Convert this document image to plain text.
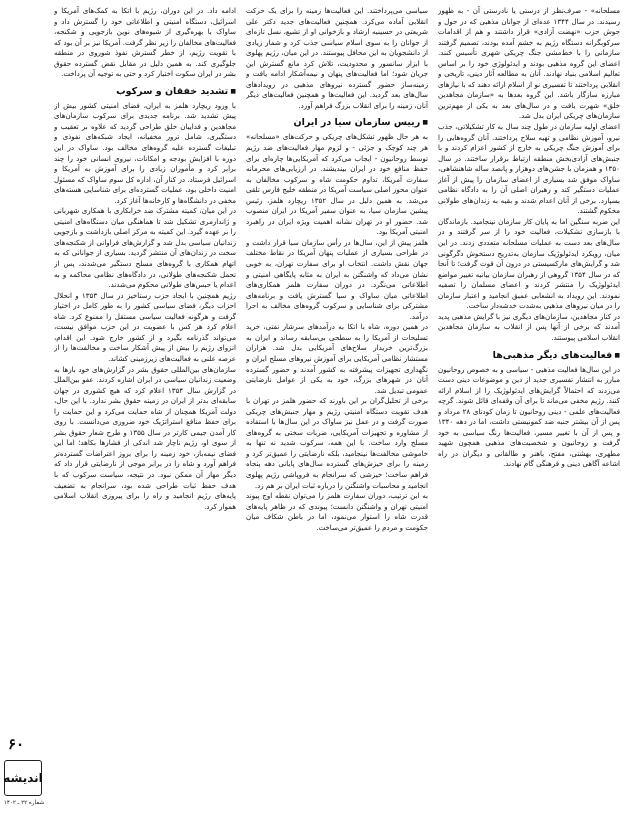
۶۰
اندیشه
شماره ۲۲ ـ ۱۴۰۲

مسلحانه» - صرف‌نظر از درستی یا نادرستی آن - به ظهور رسیدند. در سال ۱۳۴۴ عده‌ای از جوانان مذهبی که در حول و حوش حزب «نهضت آزادی» قرار داشتند و هم از اقدامات سرکوبگرانه دستگاه رژیم به خشم آمده بودند، تصمیم گرفتند سازمانی را با خط‌مشی جنگ چریکی شهری تأسیس کنند. اعضای این گروه مذهبی بودند و ایدئولوژی خود را بر اساس تعالیم اسلامی بنیاد نهادند. آنان به مطالعه آثار دینی، تاریخی و انقلابی پرداختند تا تفسیری نو از اسلام ارائه دهند که با نیازهای مبارزه سازگار باشد. این گروه بعدها به «سازمان مجاهدین خلق» شهرت یافت و در سال‌های بعد به یکی از مهم‌ترین سازمان‌های چریکی ایران بدل شد.

اعضای اولیه سازمان در طول چند سال به کار تشکیلاتی، جذب نیرو، آموزش نظامی و تهیه سلاح پرداختند. آنان گروه‌هایی را برای آموزش جنگ چریکی به خارج از کشور اعزام کردند و با جنبش‌های آزادی‌بخش منطقه ارتباط برقرار ساختند. در سال ۱۳۵۰ و همزمان با جشن‌های دوهزار و پانصد ساله شاهنشاهی، ساواک موفق شد بسیاری از اعضای سازمان را پیش از آغاز عملیات دستگیر کند و رهبران اصلی آن را به دادگاه نظامی بسپارد. برخی از آنان اعدام شدند و بقیه به زندان‌های طولانی محکوم گشتند.

این ضربه سنگین اما به پایان کار سازمان نینجامید. بازماندگان با بازسازی تشکیلات، فعالیت خود را از سر گرفتند و در سال‌های بعد دست به عملیات مسلحانه متعددی زدند. در این میان، رویکرد ایدئولوژیک سازمان به‌تدریج دستخوش دگرگونی شد و گرایش‌های مارکسیستی در درون آن قوت گرفت؛ تا آنجا که در سال ۱۳۵۴ گروهی از رهبران سازمان بیانیه تغییر مواضع ایدئولوژیک را منتشر کردند و اعضای مسلمان را تصفیه نمودند. این رویداد به انشعابی عمیق انجامید و اعتبار سازمان را در میان نیروهای مذهبی به‌شدت خدشه‌دار ساخت.

در کنار مجاهدین، سازمان‌های دیگری نیز با گرایش مذهبی پدید آمدند که برخی از آنها پس از انقلاب به سازمان مجاهدین انقلاب اسلامی پیوستند.

■ فعالیت‌های دیگر مذهبی‌ها

در این سال‌ها فعالیت مذهبی - سیاسی و به خصوص روحانیون مبارز به انتشار تفسیری جدید از دین و موضوعات دینی دست می‌زدند که احتمالاً گرایش‌های ایدئولوژیک را از اسلام ارائه کنند. رژیم مخفی می‌ماند تا برای آن وقفه‌ای قائل شوند. گرچه فعالیت‌های علمی - دینی روحانیون تا زمان کودتای ۲۸ مرداد و پس از آن بیشتر جنبه ضد کمونیستی داشت، اما در دهه ۱۳۴۰ و پس از آن با تغییر مسیر، فعالیت‌ها رنگ سیاسی به خود گرفت و روحانیون و شخصیت‌های مذهبی همچون شهید مطهری، بهشتی، مفتح، باهنر و طالقانی و دیگران در راه اشاعه آگاهی دینی و فرهنگی گام نهادند.

سیاسی می‌پرداختند. این فعالیت‌ها زمینه را برای یک حرکت انقلابی آماده می‌کرد. همچنین فعالیت‌های جدید دکتر علی شریعتی در حسینیه ارشاد و بازخوانی او از تشیع، نسل تازه‌ای از جوانان را به سوی اسلام سیاسی جذب کرد و شمار زیادی از دانشجویان به این محافل پیوستند. در این میان، رژیم پهلوی با ابزار سانسور و محدودیت، تلاش کرد مانع گسترش این جریان شود؛ اما فعالیت‌های پنهان و نیمه‌آشکار ادامه یافت و زمینه‌ساز حضور گسترده نیروهای مذهبی در رویدادهای سال‌های بعد گردید. این فعالیت‌ها و همچنین فعالیت‌های دیگر آنان، زمینه را برای انقلاب بزرگ فراهم آورد.

■ رییس سازمان سیا در ایران

به هر حال ظهور تشکل‌های چریکی و حرکت‌های «مسلحانه» هر چند کوچک و جزئی - و لزوم مهار فعالیت‌های ضد رژیم توسط روحانیون - ایجاب می‌کرد که آمریکایی‌ها چاره‌ای برای حفظ منافع خود در ایران بیندیشند. در ارزیابی‌های محرمانه سفارت آمریکا، تداوم حکومت شاه و سرکوب مخالفان به عنوان محور اصلی سیاست آمریکا در منطقه خلیج فارس تلقی می‌شد. به همین دلیل در سال ۱۳۵۲ ریچارد هلمز، رئیس پیشین سازمان سیا، به عنوان سفیر آمریکا در ایران منصوب شد. حضور او در تهران نشانه اهمیت ویژه ایران در راهبرد امنیتی آمریکا بود.

هلمز پیش از این، سال‌ها در رأس سازمان سیا قرار داشت و در طراحی بسیاری از عملیات پنهان آمریکا در نقاط مختلف جهان نقش داشت. انتخاب او برای سفارت تهران، به خوبی نشان می‌داد که واشنگتن به ایران به مثابه پایگاهی امنیتی و اطلاعاتی می‌نگرد. در دوران سفارت هلمز همکاری‌های اطلاعاتی میان ساواک و سیا گسترش یافت و برنامه‌های مشترکی برای شناسایی و سرکوب گروه‌های مخالف به اجرا درآمد.

در همین دوره، شاه با اتکا به درآمدهای سرشار نفتی، خرید تسلیحات از آمریکا را به سطحی بی‌سابقه رساند و ایران به بزرگ‌ترین خریدار سلاح‌های آمریکایی بدل شد. هزاران مستشار نظامی آمریکایی برای آموزش نیروهای مسلح ایران و نگهداری تجهیزات پیشرفته به کشور آمدند و حضور گسترده آنان در شهرهای بزرگ، خود به یکی از عوامل نارضایتی عمومی تبدیل شد.

برخی از تحلیل‌گران بر این باورند که حضور هلمز در تهران با هدف تقویت دستگاه امنیتی رژیم و مهار جنبش‌های چریکی صورت گرفت و در عمل نیز ساواک در این سال‌ها با استفاده از مشاوره و تجهیزات آمریکایی، ضربات سختی به گروه‌های مسلح وارد ساخت. با این همه، سرکوب شدید نه تنها به خاموشی مخالفت‌ها نینجامید، بلکه نارضایتی را عمیق‌تر کرد و زمینه را برای خیزش‌های گسترده سال‌های پایانی دهه پنجاه فراهم ساخت؛ خیزشی که سرانجام به فروپاشی رژیم پهلوی انجامید و محاسبات واشنگتن را درباره ثبات ایران بر هم زد.

به این ترتیب، دوران سفارت هلمز را می‌توان نقطه اوج پیوند امنیتی تهران و واشنگتن دانست؛ پیوندی که در ظاهر پایه‌های قدرت شاه را استوار می‌نمود، اما در باطن شکاف میان حکومت و مردم را عمیق‌تر می‌ساخت.

ادامه داد. در این دوران، رژیم با اتکا به کمک‌های آمریکا و اسرائیل، دستگاه امنیتی و اطلاعاتی خود را گسترش داد و ساواک با بهره‌گیری از شیوه‌های نوین بازجویی و شکنجه، فعالیت‌های مخالفان را زیر نظر گرفت. آمریکا نیز بر آن بود که با تقویت رژیم، از خطر گسترش نفوذ شوروی در منطقه جلوگیری کند. به همین دلیل در مقابل نقض گسترده حقوق بشر در ایران سکوت اختیار کرد و حتی به توجیه آن پرداخت.

■ تشدید خفقان و سرکوب

با ورود ریچارد هلمز به ایران، فضای امنیتی کشور بیش از پیش تشدید شد. برنامه جدیدی برای سرکوب سازمان‌های مجاهدین و فداییان خلق طراحی گردید که علاوه بر تعقیب و دستگیری، شامل ترور مخفیانه، ایجاد شبکه‌های نفوذی و تبلیغات گسترده علیه گروه‌های مخالف بود. ساواک در این دوره با افزایش بودجه و امکانات، نیروی انسانی خود را چند برابر کرد و مأموران زیادی را برای آموزش به آمریکا و اسرائیل فرستاد. در کنار آن، اداره کل سوم ساواک که مسئول امنیت داخلی بود، عملیات گسترده‌ای برای شناسایی هسته‌های مخفی در دانشگاه‌ها و کارخانه‌ها آغاز کرد.

در این میان، کمیته مشترک ضد خرابکاری با همکاری شهربانی و ژاندارمری تشکیل شد تا هماهنگی میان دستگاه‌های امنیتی را بر عهده گیرد. این کمیته به مرکز اصلی بازداشت و بازجویی زندانیان سیاسی بدل شد و گزارش‌های فراوانی از شکنجه‌های سخت در زندان‌های آن منتشر گردید. بسیاری از جوانانی که به اتهام همکاری با گروه‌های مسلح دستگیر می‌شدند، پس از تحمل شکنجه‌های طولانی، در دادگاه‌های نظامی محاکمه و به اعدام یا حبس‌های طولانی محکوم می‌شدند.

رژیم همچنین با ایجاد حزب رستاخیز در سال ۱۳۵۳ و انحلال احزاب دیگر، فضای سیاسی کشور را به طور کامل در اختیار گرفت و هرگونه فعالیت سیاسی مستقل را ممنوع کرد. شاه اعلام کرد هر کس با عضویت در این حزب موافق نیست، می‌تواند گذرنامه بگیرد و از کشور خارج شود. این اقدام، انزوای رژیم را بیش از پیش آشکار ساخت و مخالفت‌ها را از عرصه علنی به فعالیت‌های زیرزمینی کشاند.

سازمان‌های بین‌المللی حقوق بشر در گزارش‌های خود بارها به وضعیت زندانیان سیاسی در ایران اشاره کردند. عفو بین‌الملل در گزارش سال ۱۳۵۴ اعلام کرد که هیچ کشوری در جهان سابقه‌ای بدتر از ایران در زمینه حقوق بشر ندارد. با این حال، دولت آمریکا همچنان از شاه حمایت می‌کرد و این حمایت را برای حفظ منافع استراتژیک خود ضروری می‌دانست. با روی کار آمدن جیمی کارتر در سال ۱۳۵۵ و طرح شعار حقوق بشر از سوی او، رژیم ناچار شد اندکی از فشارها بکاهد؛ اما این فضای نیمه‌باز، خود زمینه را برای بروز اعتراضات گسترده‌تر فراهم آورد و شاه را در برابر موجی از نارضایتی قرار داد که دیگر مهار آن ممکن نبود. در نتیجه، سیاست سرکوب که با هدف حفظ ثبات طراحی شده بود، سرانجام به تضعیف پایه‌های رژیم انجامید و راه را برای پیروزی انقلاب اسلامی هموار کرد.
